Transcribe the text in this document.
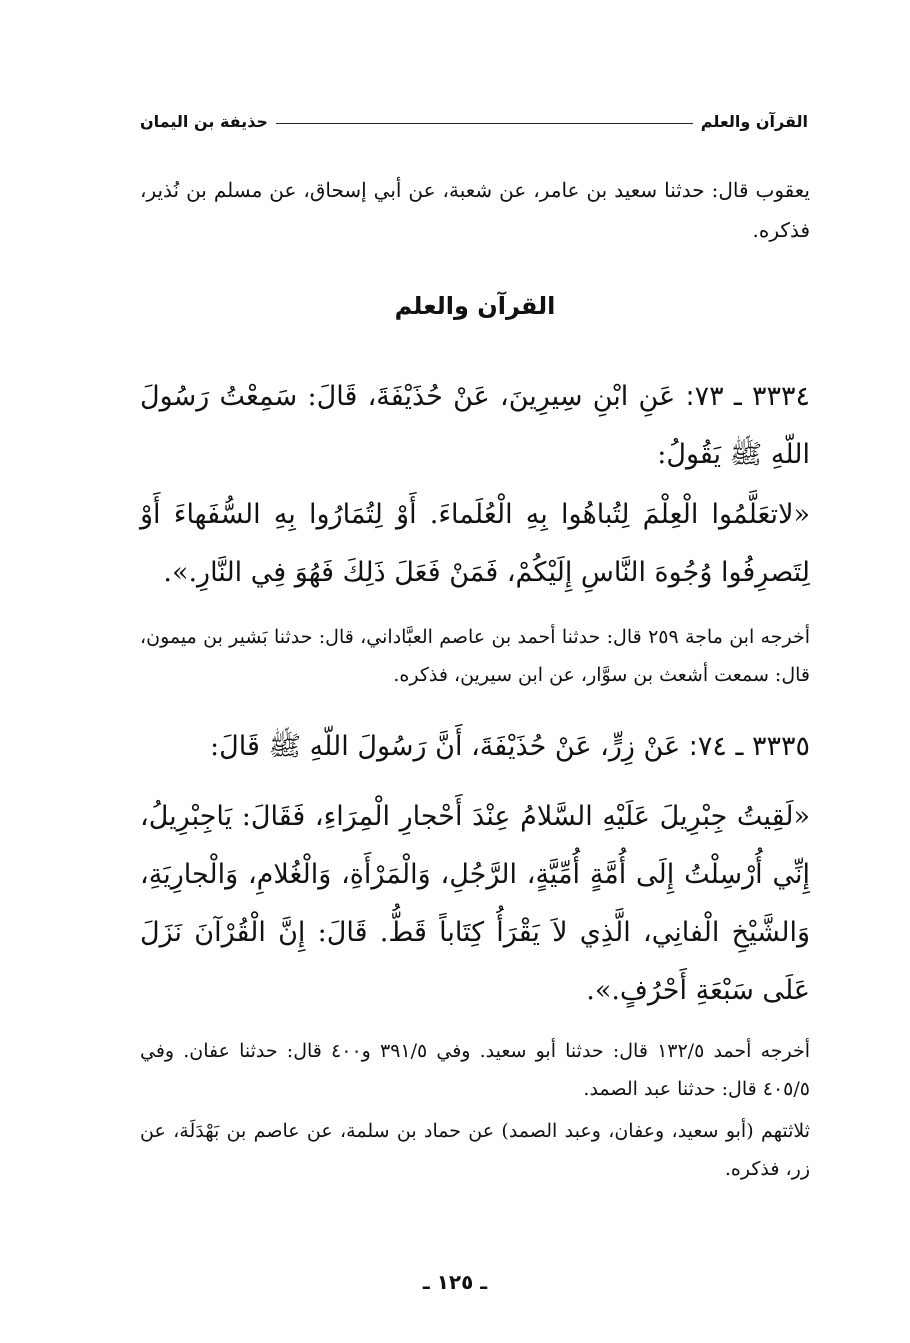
القرآن والعلم
حذيفة بن اليمان
يعقوب قال: حدثنا سعيد بن عامر، عن شعبة، عن أبي إسحاق، عن مسلم بن نُذير، فذكره.
القرآن والعلم
٣٣٣٤ ـ ٧٣: عَنِ ابْنِ سِيرِينَ، عَنْ حُذَيْفَةَ، قَالَ: سَمِعْتُ رَسُولَ اللّهِ ﷺ يَقُولُ:
«لاتعَلَّمُوا الْعِلْمَ لِتُباهُوا بِهِ الْعُلَماءَ. أَوْ لِتُمَارُوا بِهِ السُّفَهاءَ أَوْ لِتَصرِفُوا وُجُوهَ النَّاسِ إِلَيْكُمْ، فَمَنْ فَعَلَ ذَلِكَ فَهُوَ فِي النَّارِ.».
أخرجه ابن ماجة ٢٥٩ قال: حدثنا أحمد بن عاصم العبَّاداني، قال: حدثنا بَشير بن ميمون، قال: سمعت أشعث بن سوَّار، عن ابن سيرين، فذكره.
٣٣٣٥ ـ ٧٤: عَنْ زِرٍّ، عَنْ حُذَيْفَةَ، أَنَّ رَسُولَ اللّهِ ﷺ قَالَ:
«لَقِيتُ جِبْرِيلَ عَلَيْهِ السَّلامُ عِنْدَ أَحْجارِ الْمِرَاءِ، فَقَالَ: يَاجِبْرِيلُ، إِنِّي أُرْسِلْتُ إِلَى أُمَّةٍ أُمِّيَّةٍ، الرَّجُلِ، وَالْمَرْأَةِ، وَالْغُلامِ، وَالْجارِيَةِ، وَالشَّيْخِ الْفانِي، الَّذِي لاَ يَقْرَأُ كِتَاباً قَطُّ. قَالَ: إِنَّ الْقُرْآنَ نَزَلَ عَلَى سَبْعَةِ أَحْرُفٍ.».
أخرجه أحمد ١٣٢/٥ قال: حدثنا أبو سعيد. وفي ٣٩١/٥ و٤٠٠ قال: حدثنا عفان. وفي ٤٠٥/٥ قال: حدثنا عبد الصمد.
ثلاثتهم (أبو سعيد، وعفان، وعبد الصمد) عن حماد بن سلمة، عن عاصم بن بَهْدَلَة، عن زر، فذكره.
ـ ١٢٥ ـ
